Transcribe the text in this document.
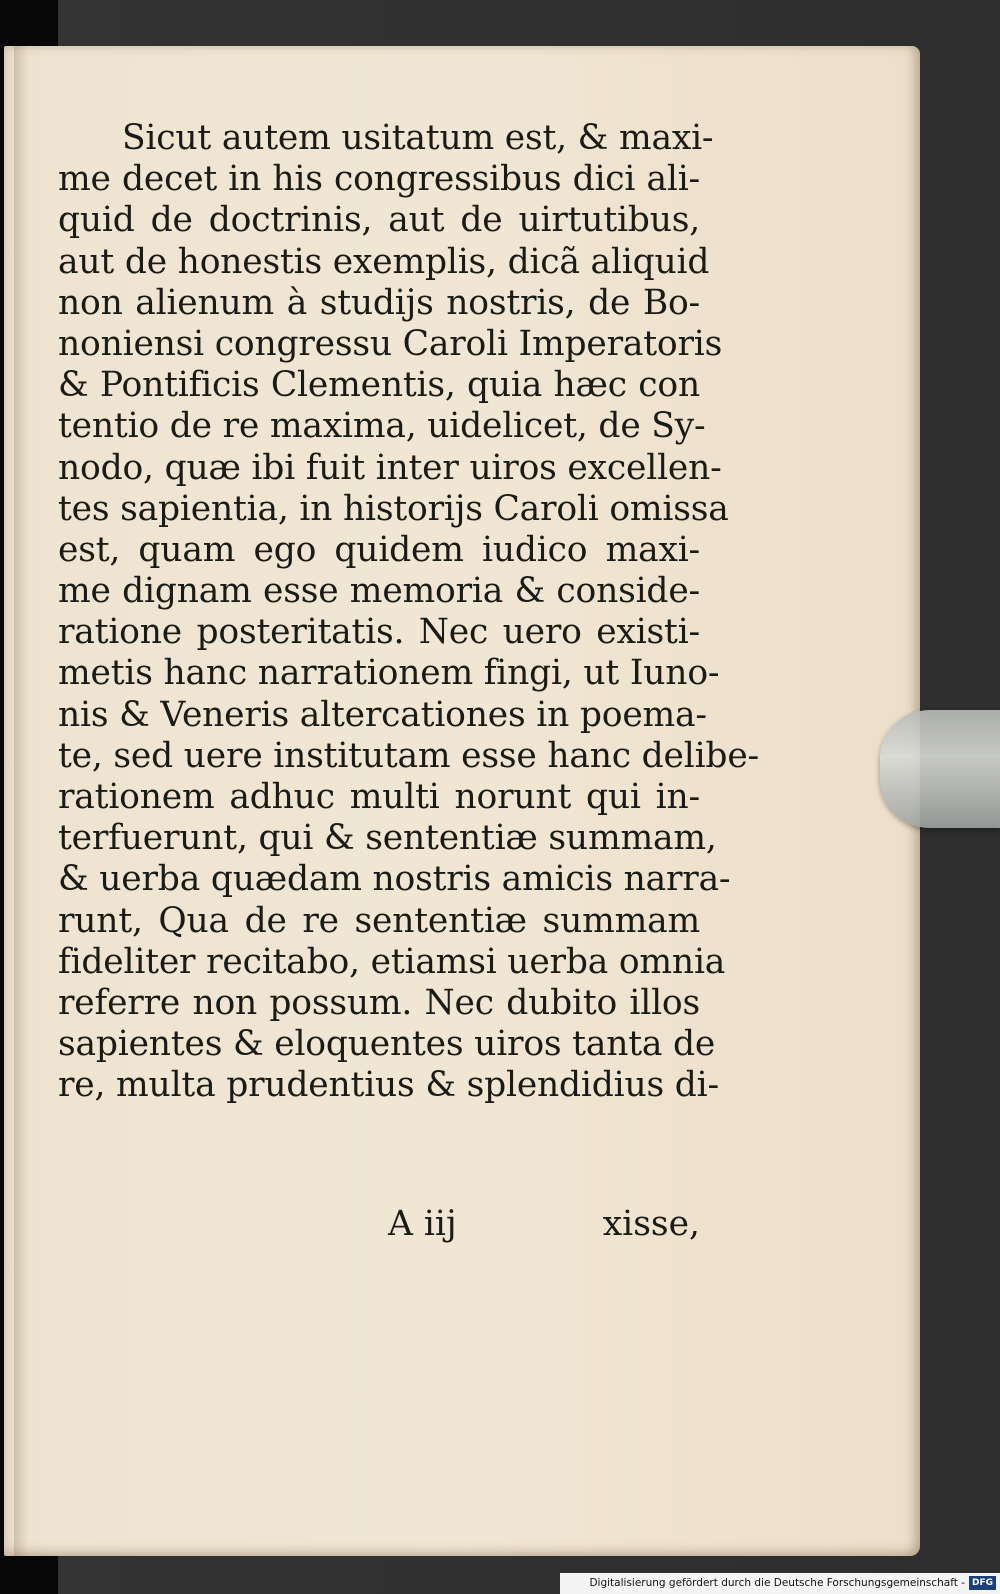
Sicut autem usitatum est, & maxi-
me decet in his congressibus dici ali-
quid de doctrinis, aut de uirtutibus,
aut de honestis exemplis, dicã aliquid
non alienum à studijs nostris, de Bo-
noniensi congressu Caroli Imperatoris
& Pontificis Clementis, quia hæc con
tentio de re maxima, uidelicet, de Sy-
nodo, quæ ibi fuit inter uiros excellen-
tes sapientia, in historijs Caroli omissa
est, quam ego quidem iudico maxi-
me dignam esse memoria & conside-
ratione posteritatis. Nec uero existi-
metis hanc narrationem fingi, ut Iuno-
nis & Veneris altercationes in poema-
te, sed uere institutam esse hanc delibe-
rationem adhuc multi norunt qui in-
terfuerunt, qui & sententiæ summam,
& uerba quædam nostris amicis narra-
runt, Qua de re sententiæ summam
fideliter recitabo, etiamsi uerba omnia
referre non possum. Nec dubito illos
sapientes & eloquentes uiros tanta de
re, multa prudentius & splendidius di-
A iij	xisse,
Digitalisierung gefördert durch die Deutsche Forschungsgemeinschaft - DFG
